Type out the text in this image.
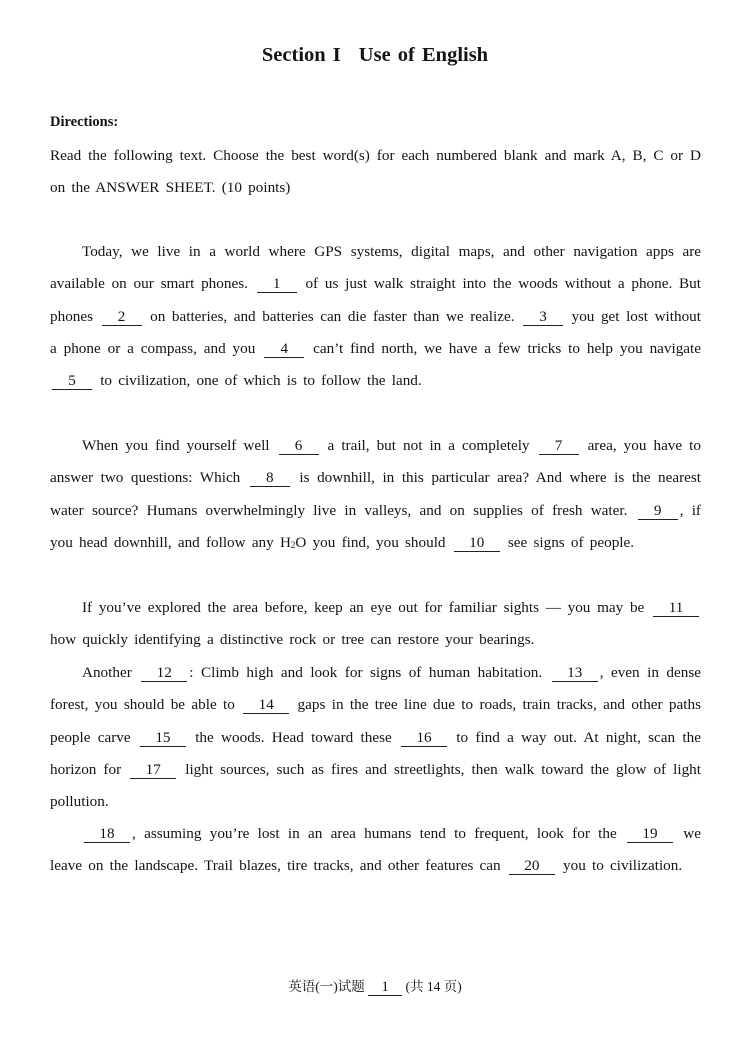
Section I Use of English

Directions:

Read the following text. Choose the best word(s) for each numbered blank and mark A, B, C or D on the ANSWER SHEET. (10 points)

Today, we live in a world where GPS systems, digital maps, and other navigation apps are available on our smart phones. 1 of us just walk straight into the woods without a phone. But phones 2 on batteries, and batteries can die faster than we realize. 3 you get lost without a phone or a compass, and you 4 can’t find north, we have a few tricks to help you navigate 5 to civilization, one of which is to follow the land.

When you find yourself well 6 a trail, but not in a completely 7 area, you have to answer two questions: Which 8 is downhill, in this particular area? And where is the nearest water source? Humans overwhelmingly live in valleys, and on supplies of fresh water. 9 , if you head downhill, and follow any $H_2O$ you find, you should 10 see signs of people.

If you’ve explored the area before, keep an eye out for familiar sights — you may be 11 how quickly identifying a distinctive rock or tree can restore your bearings.

Another 12 : Climb high and look for signs of human habitation. 13 , even in dense forest, you should be able to 14 gaps in the tree line due to roads, train tracks, and other paths people carve 15 the woods. Head toward these 16 to find a way out. At night, scan the horizon for 17 light sources, such as fires and streetlights, then walk toward the glow of light pollution.

18 , assuming you’re lost in an area humans tend to frequent, look for the 19 we leave on the landscape. Trail blazes, tire tracks, and other features can 20 you to civilization.

英语(一)试题 1 (共 14 页)
